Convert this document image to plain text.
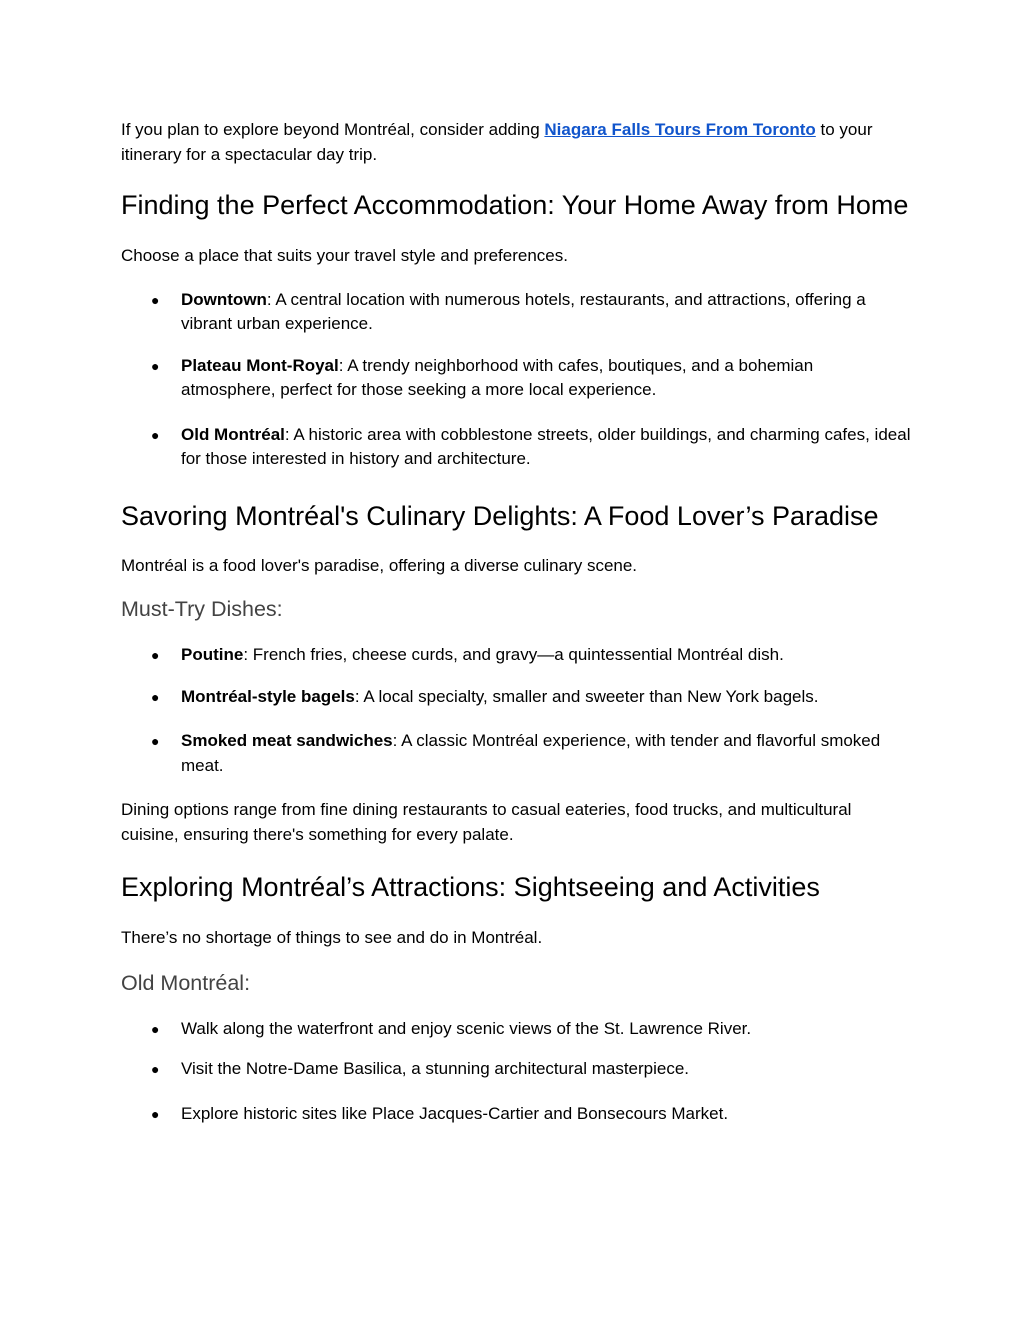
If you plan to explore beyond Montréal, consider adding Niagara Falls Tours From Toronto to your itinerary for a spectacular day trip.

Finding the Perfect Accommodation: Your Home Away from Home

Choose a place that suits your travel style and preferences.

● Downtown: A central location with numerous hotels, restaurants, and attractions, offering a vibrant urban experience.
● Plateau Mont-Royal: A trendy neighborhood with cafes, boutiques, and a bohemian atmosphere, perfect for those seeking a more local experience.
● Old Montréal: A historic area with cobblestone streets, older buildings, and charming cafes, ideal for those interested in history and architecture.
Savoring Montréal's Culinary Delights: A Food Lover’s Paradise

Montréal is a food lover's paradise, offering a diverse culinary scene.

Must-Try Dishes:
● Poutine: French fries, cheese curds, and gravy—a quintessential Montréal dish.
● Montréal-style bagels: A local specialty, smaller and sweeter than New York bagels.
● Smoked meat sandwiches: A classic Montréal experience, with tender and flavorful smoked meat.

Dining options range from fine dining restaurants to casual eateries, food trucks, and multicultural cuisine, ensuring there's something for every palate.

Exploring Montréal’s Attractions: Sightseeing and Activities

There’s no shortage of things to see and do in Montréal.

Old Montréal:
● Walk along the waterfront and enjoy scenic views of the St. Lawrence River.
● Visit the Notre-Dame Basilica, a stunning architectural masterpiece.
● Explore historic sites like Place Jacques-Cartier and Bonsecours Market.
